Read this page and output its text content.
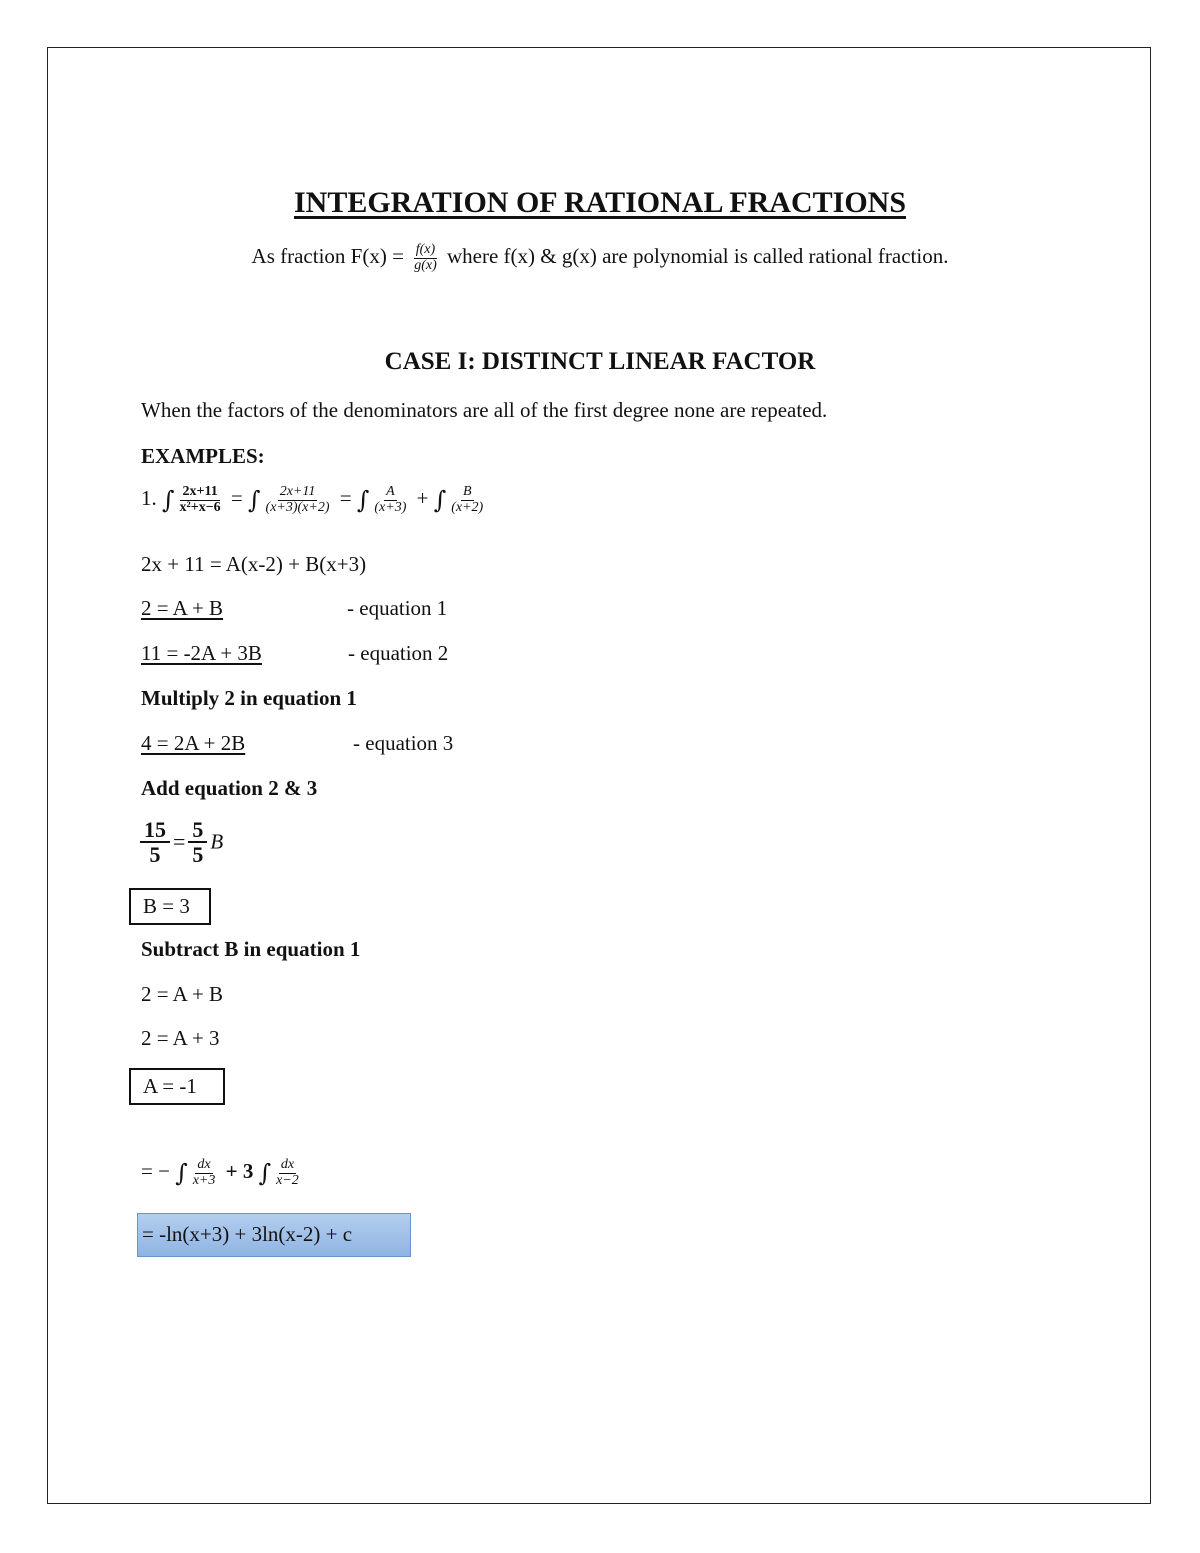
INTEGRATION OF RATIONAL FRACTIONS
As fraction $F(x) = \frac{f(x)}{g(x)}$ where f(x) & g(x) are polynomial is called rational fraction.
CASE I: DISTINCT LINEAR FACTOR
When the factors of the denominators are all of the first degree none are repeated.
EXAMPLES:
1. ∫ $\frac{2x+11}{\text{x²+x−6}}$ = ∫ $\frac{2x+11}{(x+3)(x+2)}$ = ∫ $\frac{A}{(x+3)}$ + ∫ $\frac{B}{(x+2)}$
2x + 11 = A(x-2) + B(x+3)
2 = A + B	- equation 1
11 = -2A + 3B	- equation 2
Multiply 2 in equation 1
4 = 2A + 2B	- equation 3
Add equation 2 & 3
$\frac{15}{5} = \frac{5}{5}$ B
B = 3
Subtract B in equation 1
2 = A + B
2 = A + 3
A = -1
= − ∫ $\frac{dx}{x+3} + 3$ ∫ $\frac{dx}{x-2}$
= -ln(x+3) + 3ln(x-2) + c
